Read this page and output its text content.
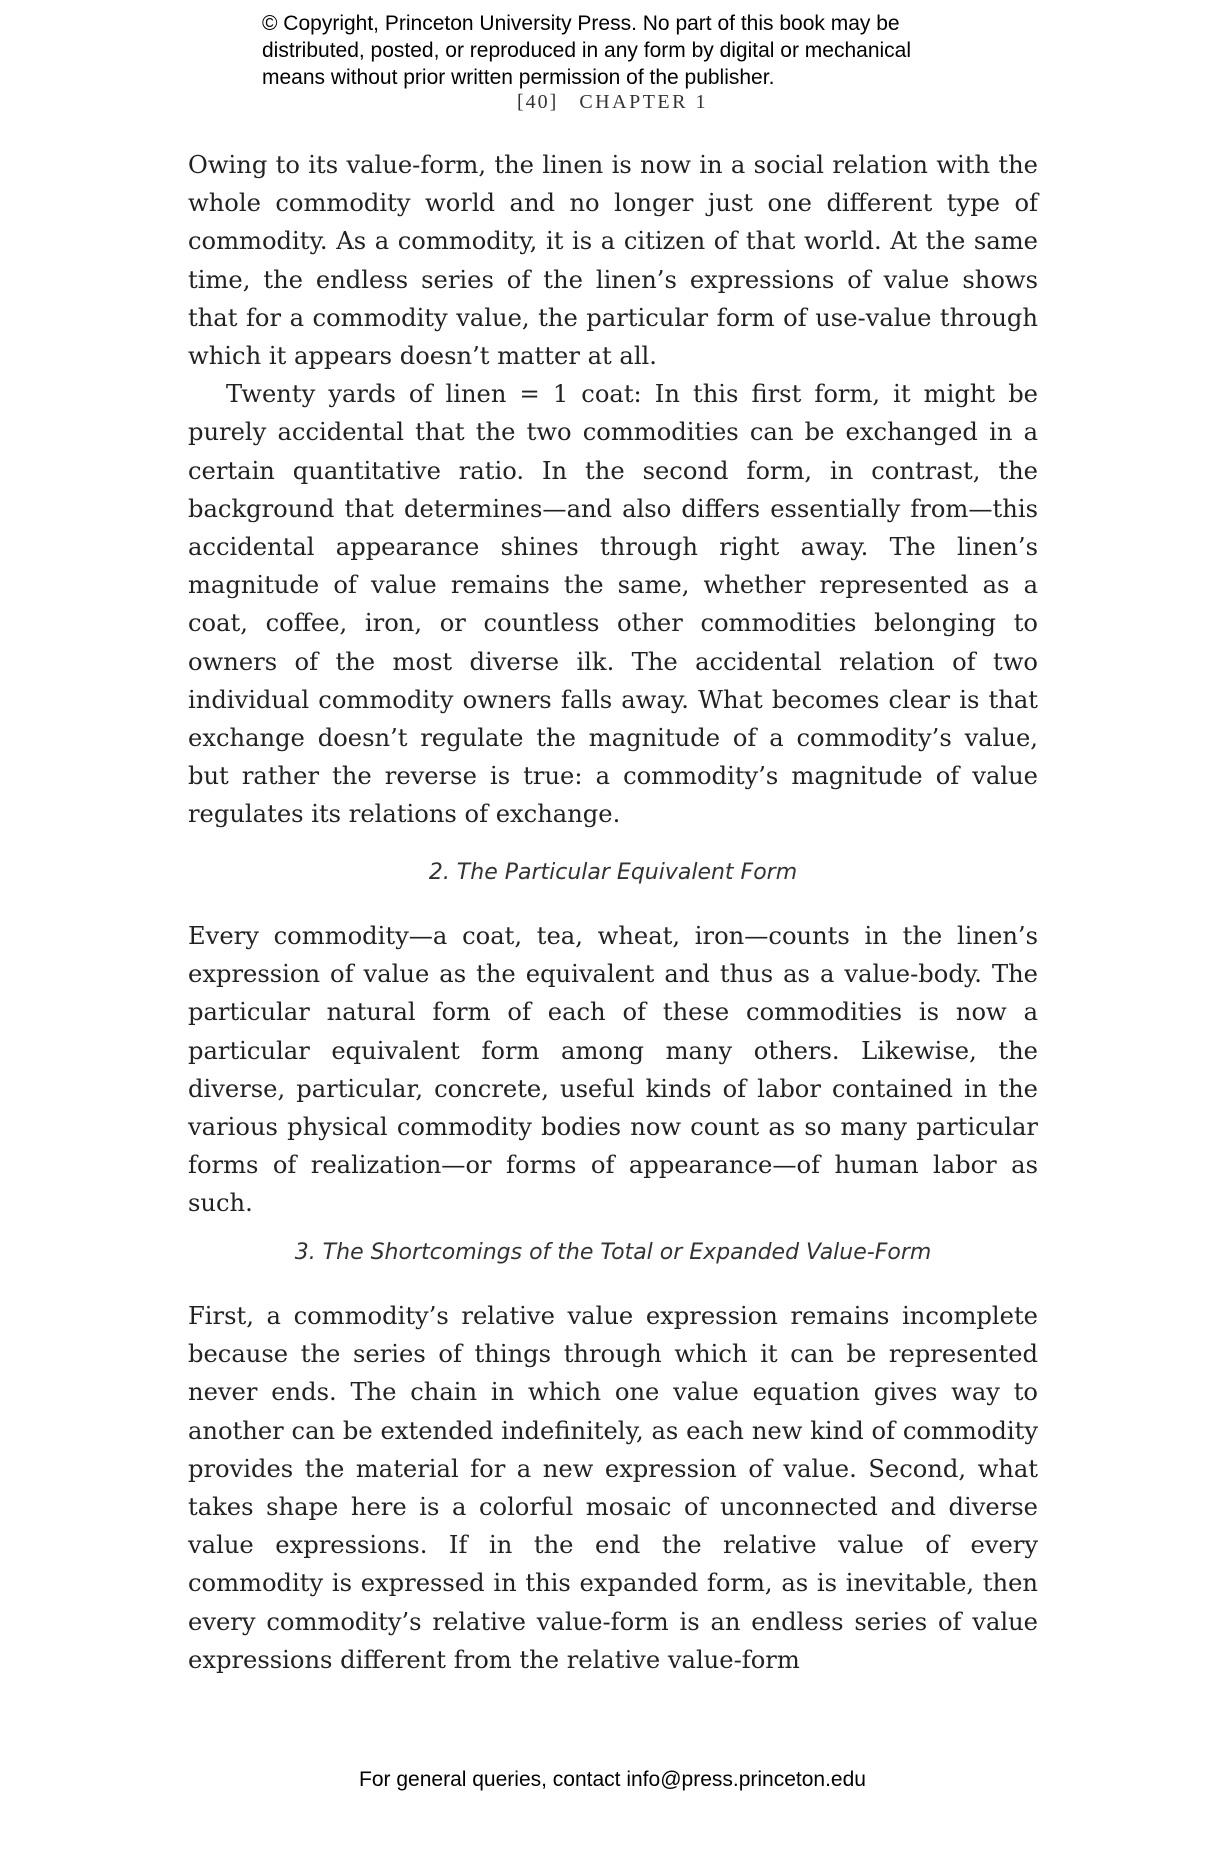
© Copyright, Princeton University Press. No part of this book may be
distributed, posted, or reproduced in any form by digital or mechanical
means without prior written permission of the publisher.
[40] CHAPTER 1

Owing to its value-form, the linen is now in a social relation with the whole commodity world and no longer just one different type of commodity. As a commodity, it is a citizen of that world. At the same time, the endless series of the linen’s expressions of value shows that for a commodity value, the particular form of use-value through which it appears doesn’t matter at all.

Twenty yards of linen = 1 coat: In this first form, it might be purely accidental that the two commodities can be exchanged in a certain quantitative ratio. In the second form, in contrast, the background that determines—and also differs essentially from—this accidental appearance shines through right away. The linen’s magnitude of value remains the same, whether represented as a coat, coffee, iron, or countless other commodities belonging to owners of the most diverse ilk. The accidental relation of two individual commodity owners falls away. What becomes clear is that exchange doesn’t regulate the magnitude of a commodity’s value, but rather the reverse is true: a commodity’s magnitude of value regulates its relations of exchange.

2. The Particular Equivalent Form

Every commodity—a coat, tea, wheat, iron—counts in the linen’s expression of value as the equivalent and thus as a value-body. The particular natural form of each of these commodities is now a particular equivalent form among many others. Likewise, the diverse, particular, concrete, useful kinds of labor contained in the various physical commodity bodies now count as so many particular forms of realization—or forms of appearance—of human labor as such.

3. The Shortcomings of the Total or Expanded Value-Form

First, a commodity’s relative value expression remains incomplete because the series of things through which it can be represented never ends. The chain in which one value equation gives way to another can be extended indefinitely, as each new kind of commodity provides the material for a new expression of value. Second, what takes shape here is a colorful mosaic of unconnected and diverse value expressions. If in the end the relative value of every commodity is expressed in this expanded form, as is inevitable, then every commodity’s relative value-form is an endless series of value expressions different from the relative value-form

For general queries, contact info@press.princeton.edu
